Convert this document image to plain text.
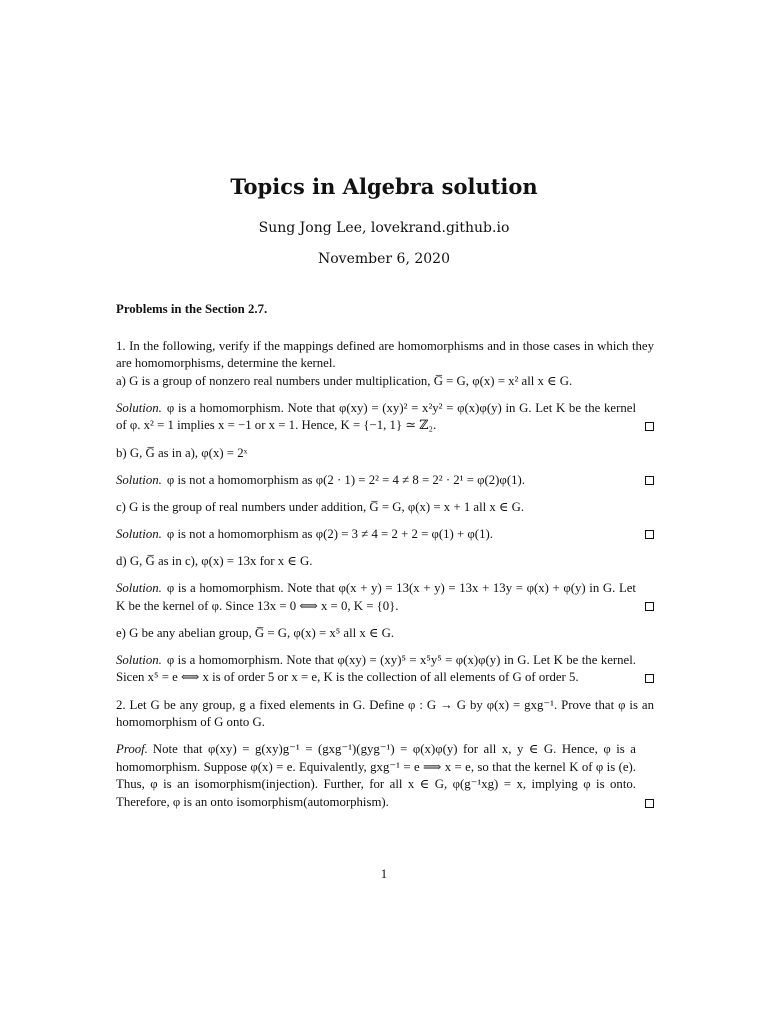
Topics in Algebra solution
Sung Jong Lee, lovekrand.github.io
November 6, 2020

Problems in the Section 2.7.

1. In the following, verify if the mappings defined are homomorphisms and in those cases in which they are homomorphisms, determine the kernel.
a) G is a group of nonzero real numbers under multiplication, G̅ = G, φ(x) = x² all x ∈ G.

Solution. φ is a homomorphism. Note that φ(xy) = (xy)² = x²y² = φ(x)φ(y) in G. Let K be the kernel of φ. x² = 1 implies x = −1 or x = 1. Hence, K = {−1, 1} ≃ ℤ₂.

b) G, G̅ as in a), φ(x) = 2ˣ

Solution. φ is not a homomorphism as φ(2 · 1) = 2² = 4 ≠ 8 = 2² · 2¹ = φ(2)φ(1).

c) G is the group of real numbers under addition, G̅ = G, φ(x) = x + 1 all x ∈ G.

Solution. φ is not a homomorphism as φ(2) = 3 ≠ 4 = 2 + 2 = φ(1) + φ(1).

d) G, G̅ as in c), φ(x) = 13x for x ∈ G.

Solution. φ is a homomorphism. Note that φ(x + y) = 13(x + y) = 13x + 13y = φ(x) + φ(y) in G. Let K be the kernel of φ. Since 13x = 0 ⟺ x = 0, K = {0}.

e) G be any abelian group, G̅ = G, φ(x) = x⁵ all x ∈ G.

Solution. φ is a homomorphism. Note that φ(xy) = (xy)⁵ = x⁵y⁵ = φ(x)φ(y) in G. Let K be the kernel. Sicen x⁵ = e ⟺ x is of order 5 or x = e, K is the collection of all elements of G of order 5.

2. Let G be any group, g a fixed elements in G. Define φ : G → G by φ(x) = gxg⁻¹. Prove that φ is an homomorphism of G onto G.

Proof. Note that φ(xy) = g(xy)g⁻¹ = (gxg⁻¹)(gyg⁻¹) = φ(x)φ(y) for all x, y ∈ G. Hence, φ is a homomorphism. Suppose φ(x) = e. Equivalently, gxg⁻¹ = e ⟹ x = e, so that the kernel K of φ is (e). Thus, φ is an isomorphism(injection). Further, for all x ∈ G, φ(g⁻¹xg) = x, implying φ is onto. Therefore, φ is an onto isomorphism(automorphism).

1
